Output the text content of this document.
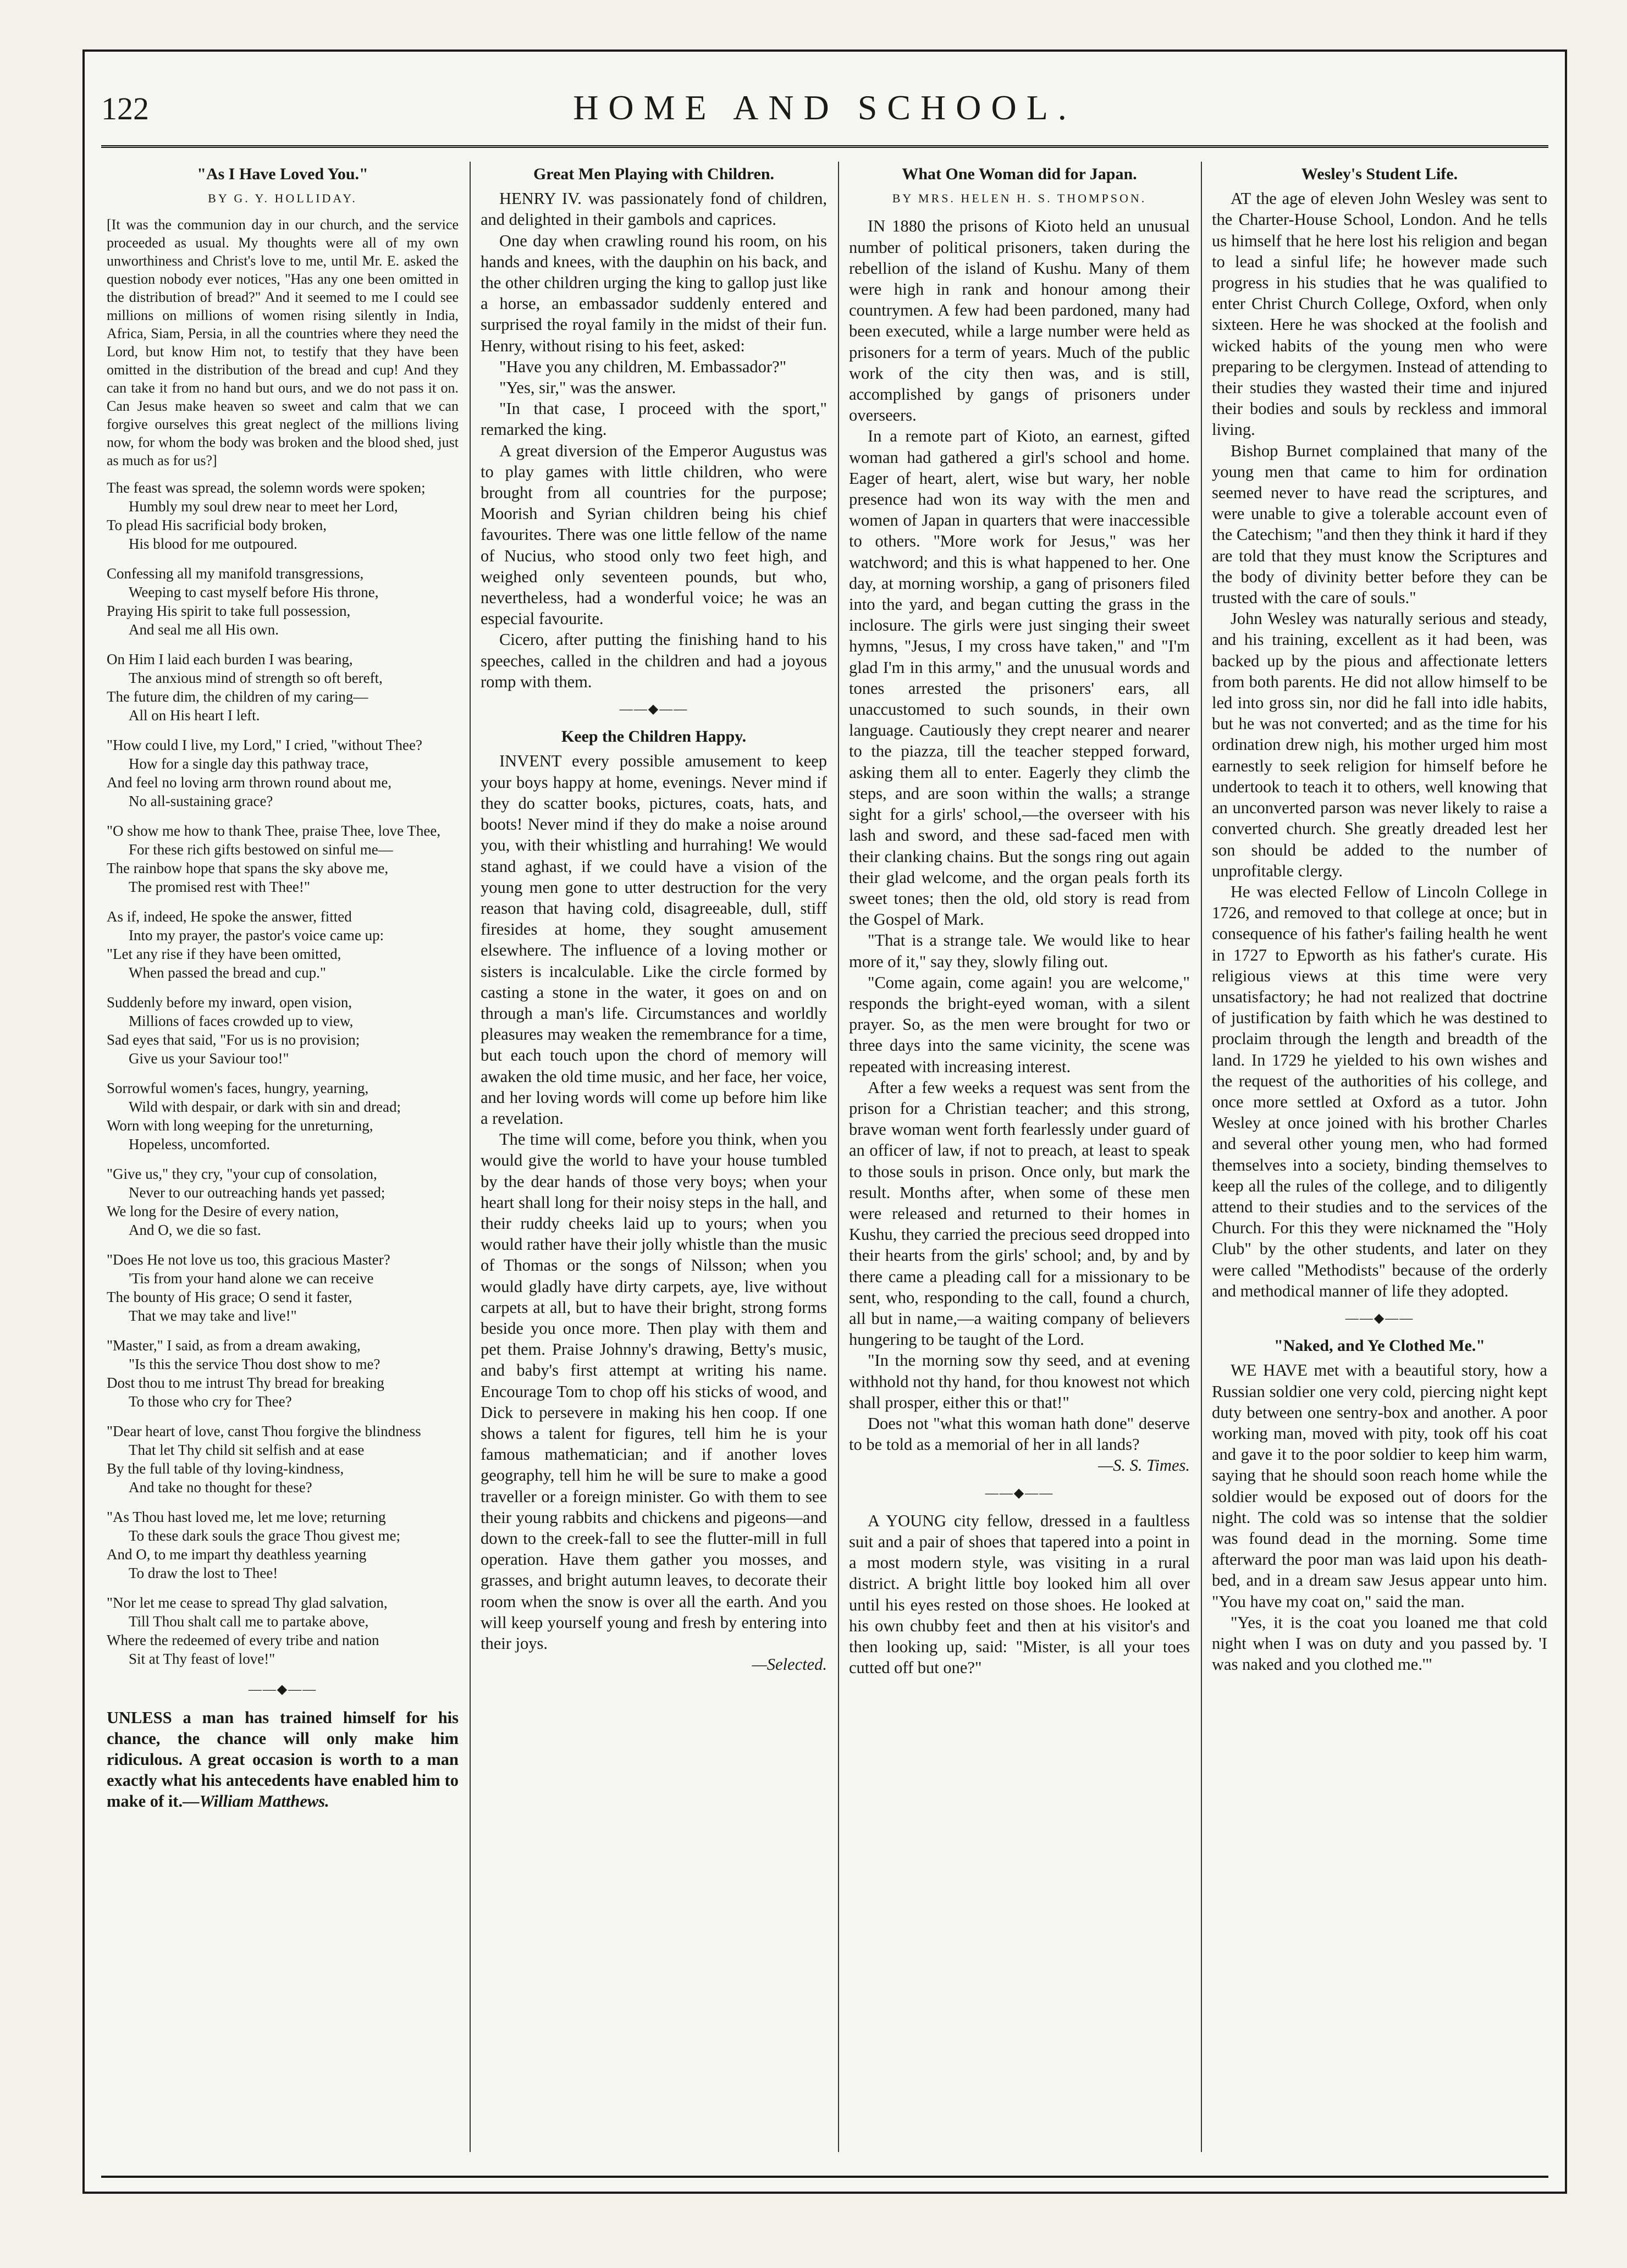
122	HOME AND SCHOOL.
"As I Have Loved You."
BY G. Y. HOLLIDAY.

[It was the communion day in our church, and the service proceeded as usual. My thoughts were all of my own unworthiness and Christ's love to me, until Mr. E. asked the question nobody ever notices, "Has any one been omitted in the distribution of bread?" And it seemed to me I could see millions on millions of women rising silently in India, Africa, Siam, Persia, in all the countries where they need the Lord, but know Him not, to testify that they have been omitted in the distribution of the bread and cup! And they can take it from no hand but ours, and we do not pass it on. Can Jesus make heaven so sweet and calm that we can forgive ourselves this great neglect of the millions living now, for whom the body was broken and the blood shed, just as much as for us?]

The feast was spread, the solemn words were spoken;
Humbly my soul drew near to meet her Lord,
To plead His sacrificial body broken,
His blood for me outpoured.
Confessing all my manifold transgressions,
Weeping to cast myself before His throne,
Praying His spirit to take full possession,
And seal me all His own.
On Him I laid each burden I was bearing,
The anxious mind of strength so oft bereft,
The future dim, the children of my caring—
All on His heart I left.
"How could I live, my Lord," I cried, "without Thee?
How for a single day this pathway trace,
And feel no loving arm thrown round about me,
No all-sustaining grace?
"O show me how to thank Thee, praise Thee, love Thee,
For these rich gifts bestowed on sinful me—
The rainbow hope that spans the sky above me,
The promised rest with Thee!"
As if, indeed, He spoke the answer, fitted
Into my prayer, the pastor's voice came up:
"Let any rise if they have been omitted,
When passed the bread and cup."
Suddenly before my inward, open vision,
Millions of faces crowded up to view,
Sad eyes that said, "For us is no provision;
Give us your Saviour too!"
Sorrowful women's faces, hungry, yearning,
Wild with despair, or dark with sin and dread;
Worn with long weeping for the unreturning,
Hopeless, uncomforted.
"Give us," they cry, "your cup of consolation,
Never to our outreaching hands yet passed;
We long for the Desire of every nation,
And O, we die so fast.
"Does He not love us too, this gracious Master?
'Tis from your hand alone we can receive
The bounty of His grace; O send it faster,
That we may take and live!"
"Master," I said, as from a dream awaking,
"Is this the service Thou dost show to me?
Dost thou to me intrust Thy bread for breaking
To those who cry for Thee?
"Dear heart of love, canst Thou forgive the blindness
That let Thy child sit selfish and at ease
By the full table of thy loving-kindness,
And take no thought for these?
"As Thou hast loved me, let me love; returning
To these dark souls the grace Thou givest me;
And O, to me impart thy deathless yearning
To draw the lost to Thee!
"Nor let me cease to spread Thy glad salvation,
Till Thou shalt call me to partake above,
Where the redeemed of every tribe and nation
Sit at Thy feast of love!"
——◆——

UNLESS a man has trained himself for his chance, the chance will only make him ridiculous. A great occasion is worth to a man exactly what his antecedents have enabled him to make of it.—William Matthews.

Great Men Playing with Children.

HENRY IV. was passionately fond of children, and delighted in their gambols and caprices.

One day when crawling round his room, on his hands and knees, with the dauphin on his back, and the other children urging the king to gallop just like a horse, an embassador suddenly entered and surprised the royal family in the midst of their fun. Henry, without rising to his feet, asked:

"Have you any children, M. Embassador?"

"Yes, sir," was the answer.

"In that case, I proceed with the sport," remarked the king.

A great diversion of the Emperor Augustus was to play games with little children, who were brought from all countries for the purpose; Moorish and Syrian children being his chief favourites. There was one little fellow of the name of Nucius, who stood only two feet high, and weighed only seventeen pounds, but who, nevertheless, had a wonderful voice; he was an especial favourite.

Cicero, after putting the finishing hand to his speeches, called in the children and had a joyous romp with them.

——◆——
Keep the Children Happy.

INVENT every possible amusement to keep your boys happy at home, evenings. Never mind if they do scatter books, pictures, coats, hats, and boots! Never mind if they do make a noise around you, with their whistling and hurrahing! We would stand aghast, if we could have a vision of the young men gone to utter destruction for the very reason that having cold, disagreeable, dull, stiff firesides at home, they sought amusement elsewhere. The influence of a loving mother or sisters is incalculable. Like the circle formed by casting a stone in the water, it goes on and on through a man's life. Circumstances and worldly pleasures may weaken the remembrance for a time, but each touch upon the chord of memory will awaken the old time music, and her face, her voice, and her loving words will come up before him like a revelation.

The time will come, before you think, when you would give the world to have your house tumbled by the dear hands of those very boys; when your heart shall long for their noisy steps in the hall, and their ruddy cheeks laid up to yours; when you would rather have their jolly whistle than the music of Thomas or the songs of Nilsson; when you would gladly have dirty carpets, aye, live without carpets at all, but to have their bright, strong forms beside you once more. Then play with them and pet them. Praise Johnny's drawing, Betty's music, and baby's first attempt at writing his name. Encourage Tom to chop off his sticks of wood, and Dick to persevere in making his hen coop. If one shows a talent for figures, tell him he is your famous mathematician; and if another loves geography, tell him he will be sure to make a good traveller or a foreign minister. Go with them to see their young rabbits and chickens and pigeons—and down to the creek-fall to see the flutter-mill in full operation. Have them gather you mosses, and grasses, and bright autumn leaves, to decorate their room when the snow is over all the earth. And you will keep yourself young and fresh by entering into their joys.

—Selected.

What One Woman did for Japan.
BY MRS. HELEN H. S. THOMPSON.

IN 1880 the prisons of Kioto held an unusual number of political prisoners, taken during the rebellion of the island of Kushu. Many of them were high in rank and honour among their countrymen. A few had been pardoned, many had been executed, while a large number were held as prisoners for a term of years. Much of the public work of the city then was, and is still, accomplished by gangs of prisoners under overseers.

In a remote part of Kioto, an earnest, gifted woman had gathered a girl's school and home. Eager of heart, alert, wise but wary, her noble presence had won its way with the men and women of Japan in quarters that were inaccessible to others. "More work for Jesus," was her watchword; and this is what happened to her. One day, at morning worship, a gang of prisoners filed into the yard, and began cutting the grass in the inclosure. The girls were just singing their sweet hymns, "Jesus, I my cross have taken," and "I'm glad I'm in this army," and the unusual words and tones arrested the prisoners' ears, all unaccustomed to such sounds, in their own language. Cautiously they crept nearer and nearer to the piazza, till the teacher stepped forward, asking them all to enter. Eagerly they climb the steps, and are soon within the walls; a strange sight for a girls' school,—the overseer with his lash and sword, and these sad-faced men with their clanking chains. But the songs ring out again their glad welcome, and the organ peals forth its sweet tones; then the old, old story is read from the Gospel of Mark.

"That is a strange tale. We would like to hear more of it," say they, slowly filing out.

"Come again, come again! you are welcome," responds the bright-eyed woman, with a silent prayer. So, as the men were brought for two or three days into the same vicinity, the scene was repeated with increasing interest.

After a few weeks a request was sent from the prison for a Christian teacher; and this strong, brave woman went forth fearlessly under guard of an officer of law, if not to preach, at least to speak to those souls in prison. Once only, but mark the result. Months after, when some of these men were released and returned to their homes in Kushu, they carried the precious seed dropped into their hearts from the girls' school; and, by and by there came a pleading call for a missionary to be sent, who, responding to the call, found a church, all but in name,—a waiting company of believers hungering to be taught of the Lord.

"In the morning sow thy seed, and at evening withhold not thy hand, for thou knowest not which shall prosper, either this or that!"

Does not "what this woman hath done" deserve to be told as a memorial of her in all lands?

—S. S. Times.

——◆——

A YOUNG city fellow, dressed in a faultless suit and a pair of shoes that tapered into a point in a most modern style, was visiting in a rural district. A bright little boy looked him all over until his eyes rested on those shoes. He looked at his own chubby feet and then at his visitor's and then looking up, said: "Mister, is all your toes cutted off but one?"

Wesley's Student Life.

AT the age of eleven John Wesley was sent to the Charter-House School, London. And he tells us himself that he here lost his religion and began to lead a sinful life; he however made such progress in his studies that he was qualified to enter Christ Church College, Oxford, when only sixteen. Here he was shocked at the foolish and wicked habits of the young men who were preparing to be clergymen. Instead of attending to their studies they wasted their time and injured their bodies and souls by reckless and immoral living.

Bishop Burnet complained that many of the young men that came to him for ordination seemed never to have read the scriptures, and were unable to give a tolerable account even of the Catechism; "and then they think it hard if they are told that they must know the Scriptures and the body of divinity better before they can be trusted with the care of souls."

John Wesley was naturally serious and steady, and his training, excellent as it had been, was backed up by the pious and affectionate letters from both parents. He did not allow himself to be led into gross sin, nor did he fall into idle habits, but he was not converted; and as the time for his ordination drew nigh, his mother urged him most earnestly to seek religion for himself before he undertook to teach it to others, well knowing that an unconverted parson was never likely to raise a converted church. She greatly dreaded lest her son should be added to the number of unprofitable clergy.

He was elected Fellow of Lincoln College in 1726, and removed to that college at once; but in consequence of his father's failing health he went in 1727 to Epworth as his father's curate. His religious views at this time were very unsatisfactory; he had not realized that doctrine of justification by faith which he was destined to proclaim through the length and breadth of the land. In 1729 he yielded to his own wishes and the request of the authorities of his college, and once more settled at Oxford as a tutor. John Wesley at once joined with his brother Charles and several other young men, who had formed themselves into a society, binding themselves to keep all the rules of the college, and to diligently attend to their studies and to the services of the Church. For this they were nicknamed the "Holy Club" by the other students, and later on they were called "Methodists" because of the orderly and methodical manner of life they adopted.

——◆——
"Naked, and Ye Clothed Me."

WE HAVE met with a beautiful story, how a Russian soldier one very cold, piercing night kept duty between one sentry-box and another. A poor working man, moved with pity, took off his coat and gave it to the poor soldier to keep him warm, saying that he should soon reach home while the soldier would be exposed out of doors for the night. The cold was so intense that the soldier was found dead in the morning. Some time afterward the poor man was laid upon his death-bed, and in a dream saw Jesus appear unto him. "You have my coat on," said the man.

"Yes, it is the coat you loaned me that cold night when I was on duty and you passed by. 'I was naked and you clothed me.'"
